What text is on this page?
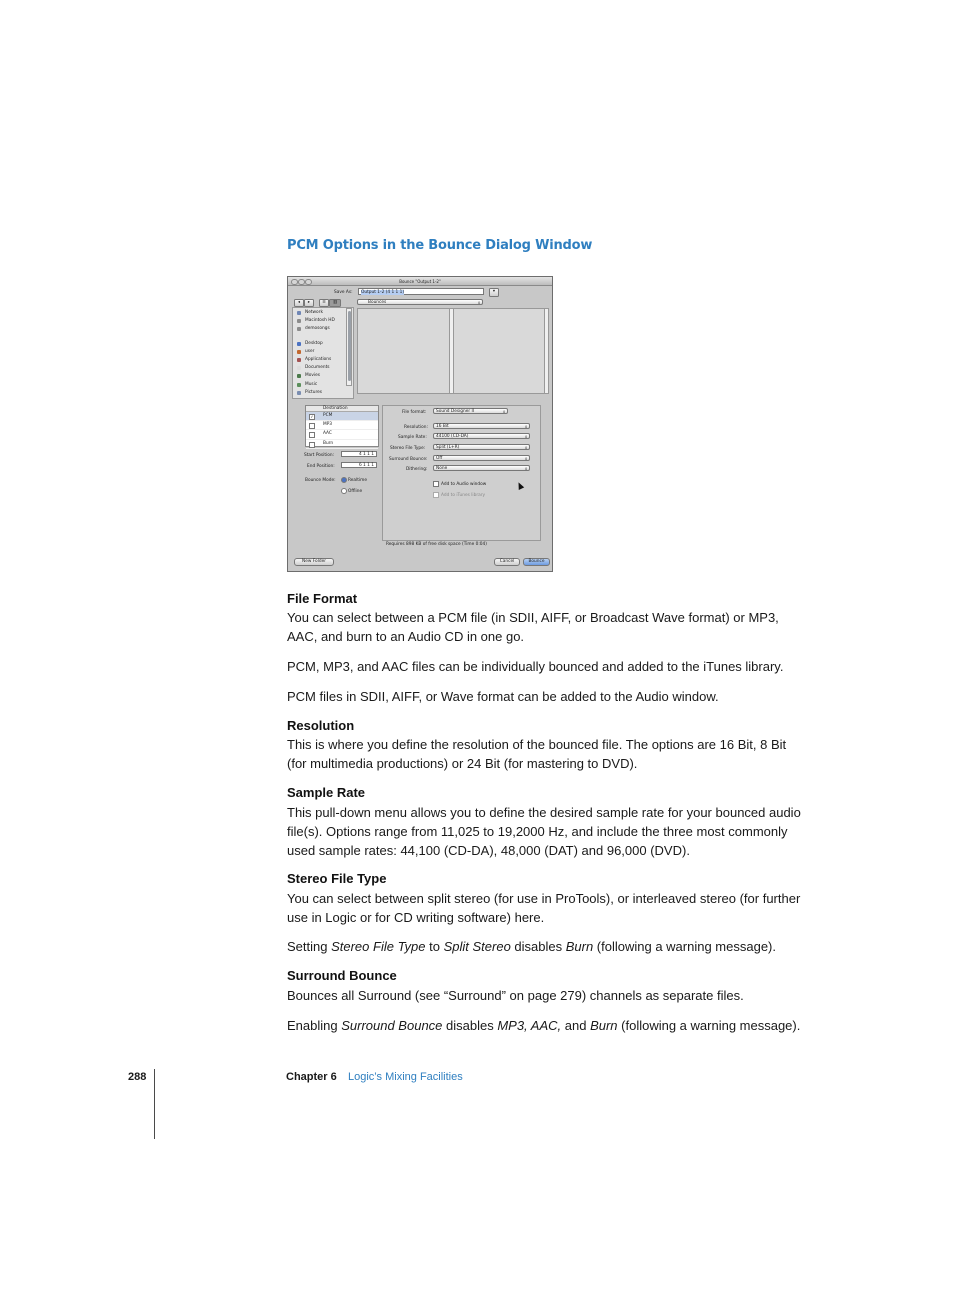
PCM Options in the Bounce Dialog Window
Bounce "Output 1-2"
Save As:	Output 1-2 (4 1 1 1)	▾
◂	▸	≡	▥	Bounces	⇕
Network
Macintosh HD
demosongs
Desktop
user
Applications
Documents
Movies
Music
Pictures
Destination
✓	PCM
MP3
AAC
Burn
Start Position:	4 1 1 1
End Position:	6 1 1 1
Bounce Mode:	Realtime
Offline
File format:	Sound Designer II	⇕
Resolution:	16 Bit	⇕
Sample Rate:	44100 (CD-DA)	⇕
Stereo File Type:	Split (L+R)	⇕
Surround Bounce:	Off	⇕
Dithering:	None	⇕
Add to Audio window
Add to iTunes library
Requires 898 KB of free disk space (Time 0:04)
New Folder	Cancel	Bounce
File Format
You can select between a PCM file (in SDII, AIFF, or Broadcast Wave format) or MP3, AAC, and burn to an Audio CD in one go.
PCM, MP3, and AAC files can be individually bounced and added to the iTunes library.
PCM files in SDII, AIFF, or Wave format can be added to the Audio window.
Resolution
This is where you define the resolution of the bounced file. The options are 16 Bit, 8 Bit (for multimedia productions) or 24 Bit (for mastering to DVD).
Sample Rate
This pull-down menu allows you to define the desired sample rate for your bounced audio file(s). Options range from 11,025 to 19,2000 Hz, and include the three most commonly used sample rates: 44,100 (CD-DA), 48,000 (DAT) and 96,000 (DVD).
Stereo File Type
You can select between split stereo (for use in ProTools), or interleaved stereo (for further use in Logic or for CD writing software) here.
Setting Stereo File Type to Split Stereo disables Burn (following a warning message).
Surround Bounce
Bounces all Surround (see “Surround” on page 279) channels as separate files.
Enabling Surround Bounce disables MP3, AAC, and Burn (following a warning message).
288	Chapter 6 Logic’s Mixing Facilities
